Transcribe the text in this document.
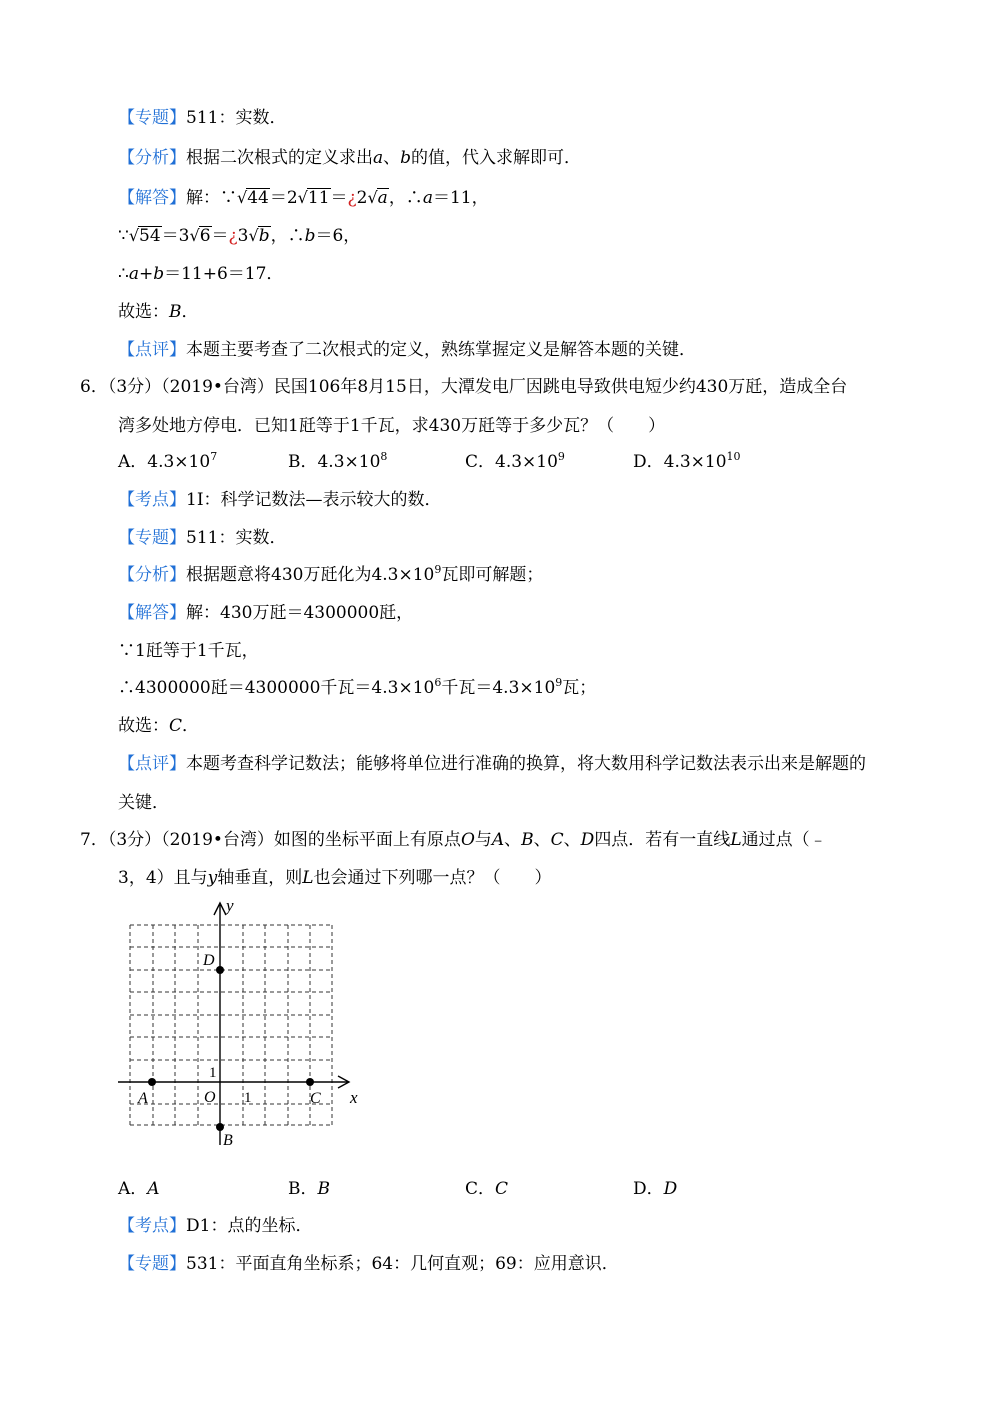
【专题】511：实数．
【分析】根据二次根式的定义求出a、b的值，代入求解即可．
【解答】解：∵√44＝2√11＝¿2√a，∴a＝11，
∵√54＝3√6＝¿3√b，∴b＝6，
∴a+b＝11+6＝17．
故选：B．
【点评】本题主要考查了二次根式的定义，熟练掌握定义是解答本题的关键．
6．（3分）（2019•台湾）民国106年8月15日，大潭发电厂因跳电导致供电短少约430万瓩，造成全台
湾多处地方停电．已知1瓩等于1千瓦，求430万瓩等于多少瓦？（　　）
A．$4.3\times 10^7$	B．$4.3\times 10^8$	C．$4.3\times 10^9$	D．$4.3\times 10^{10}$
【考点】1I：科学记数法—表示较大的数．
【专题】511：实数．
【分析】根据题意将430万瓩化为$4.3\times 10^9$瓦即可解题；
【解答】解：430万瓩＝4300000瓩，
∵1瓩等于1千瓦，
∴4300000瓩＝4300000千瓦$=4.3\times 10^6$千瓦$=4.3\times 10^9$瓦；
故选：C．
【点评】本题考查科学记数法；能够将单位进行准确的换算，将大数用科学记数法表示出来是解题的
关键．
7．（3分）（2019•台湾）如图的坐标平面上有原点O与A、B、C、D四点．若有一直线L通过点（﹣
3，4）且与y轴垂直，则L也会通过下列哪一点？（　　）
y
x
1
1
O
A	C
D
B
A．A	B．B	C．C	D．D
【考点】D1：点的坐标．
【专题】531：平面直角坐标系；64：几何直观；69：应用意识．
